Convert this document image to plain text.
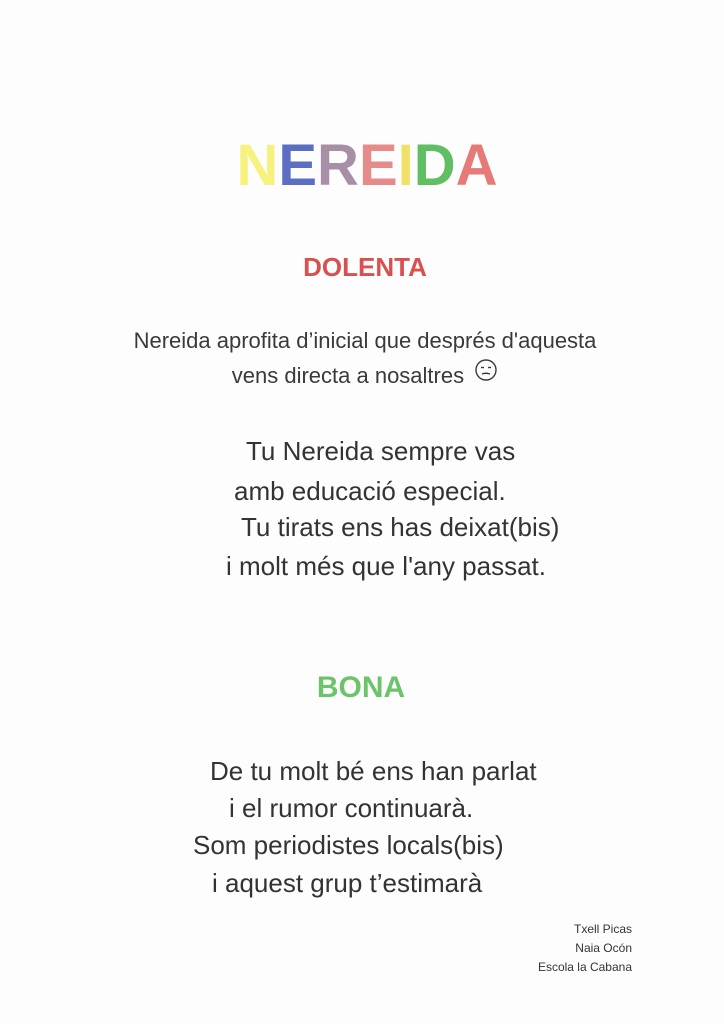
NEREIDA
DOLENTA
Nereida aprofita d’inicial que després d'aquesta
vens directa a nosaltres
Tu Nereida sempre vas
amb educació especial.
Tu tirats ens has deixat(bis)
i molt més que l'any passat.
BONA
De tu molt bé ens han parlat
i el rumor continuarà.
Som periodistes locals(bis)
i aquest grup t’estimarà
Txell Picas
Naia Ocón
Escola la Cabana
